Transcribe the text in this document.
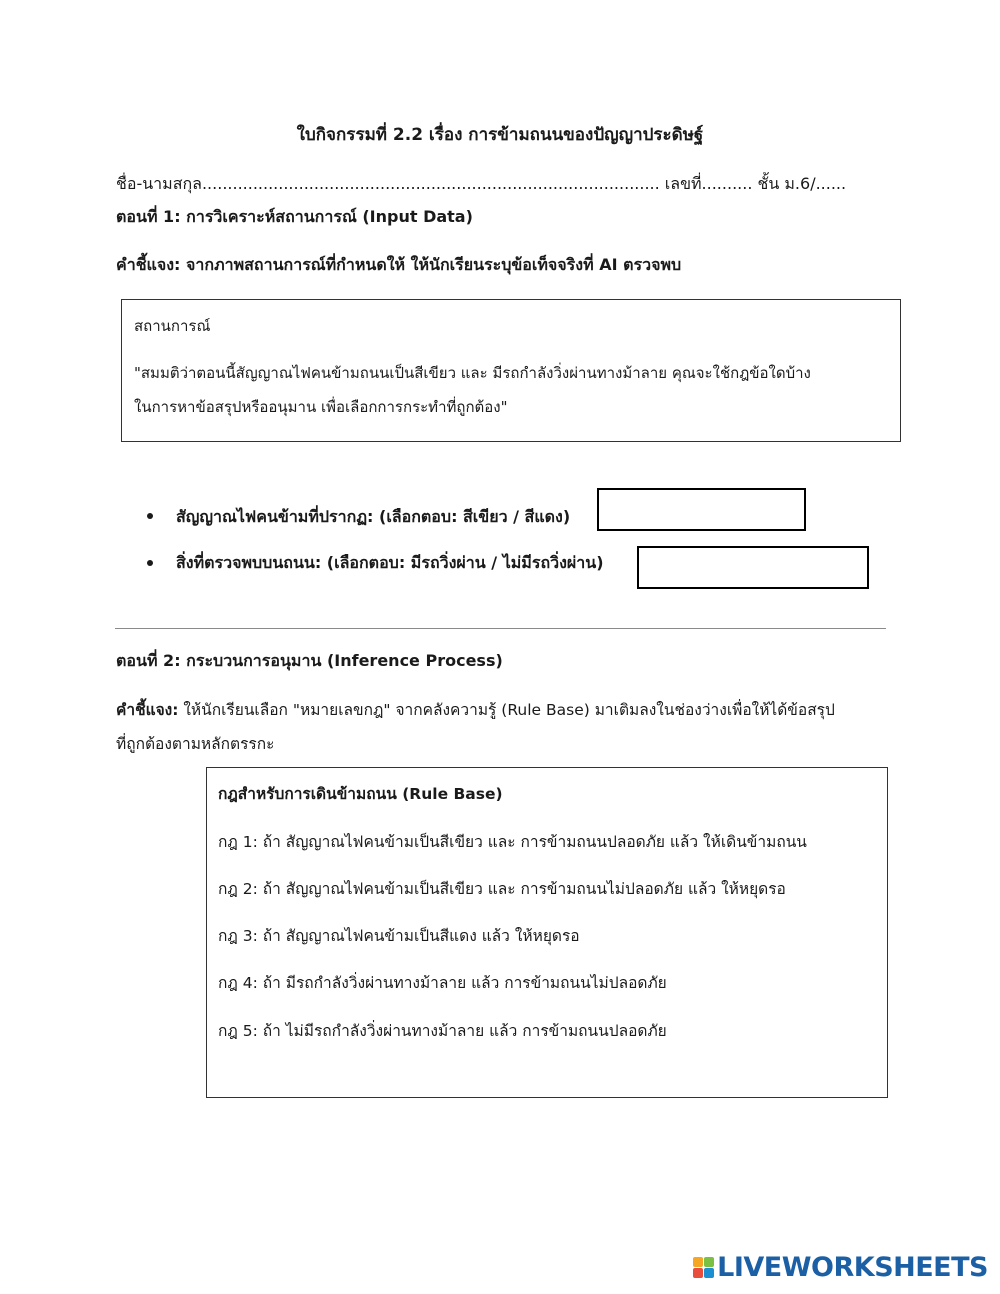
ใบกิจกรรมที่ 2.2 เรื่อง การข้ามถนนของปัญญาประดิษฐ์
ชื่อ-นามสกุล.......................................................................................... เลขที่.......... ชั้น ม.6/......
ตอนที่ 1: การวิเคราะห์สถานการณ์ (Input Data)
คำชี้แจง: จากภาพสถานการณ์ที่กำหนดให้ ให้นักเรียนระบุข้อเท็จจริงที่ AI ตรวจพบ
สถานการณ์
"สมมติว่าตอนนี้สัญญาณไฟคนข้ามถนนเป็นสีเขียว และ มีรถกำลังวิ่งผ่านทางม้าลาย คุณจะใช้กฎข้อใดบ้าง
ในการหาข้อสรุปหรืออนุมาน เพื่อเลือกการกระทำที่ถูกต้อง"
สัญญาณไฟคนข้ามที่ปรากฏ: (เลือกตอบ: สีเขียว / สีแดง)
สิ่งที่ตรวจพบบนถนน: (เลือกตอบ: มีรถวิ่งผ่าน / ไม่มีรถวิ่งผ่าน)
ตอนที่ 2: กระบวนการอนุมาน (Inference Process)
คำชี้แจง: ให้นักเรียนเลือก "หมายเลขกฎ" จากคลังความรู้ (Rule Base) มาเติมลงในช่องว่างเพื่อให้ได้ข้อสรุป
ที่ถูกต้องตามหลักตรรกะ
กฎสำหรับการเดินข้ามถนน (Rule Base)
กฎ 1: ถ้า สัญญาณไฟคนข้ามเป็นสีเขียว และ การข้ามถนนปลอดภัย แล้ว ให้เดินข้ามถนน
กฎ 2: ถ้า สัญญาณไฟคนข้ามเป็นสีเขียว และ การข้ามถนนไม่ปลอดภัย แล้ว ให้หยุดรอ
กฎ 3: ถ้า สัญญาณไฟคนข้ามเป็นสีแดง แล้ว ให้หยุดรอ
กฎ 4: ถ้า มีรถกำลังวิ่งผ่านทางม้าลาย แล้ว การข้ามถนนไม่ปลอดภัย
กฎ 5: ถ้า ไม่มีรถกำลังวิ่งผ่านทางม้าลาย แล้ว การข้ามถนนปลอดภัย
LIVEWORKSHEETS
